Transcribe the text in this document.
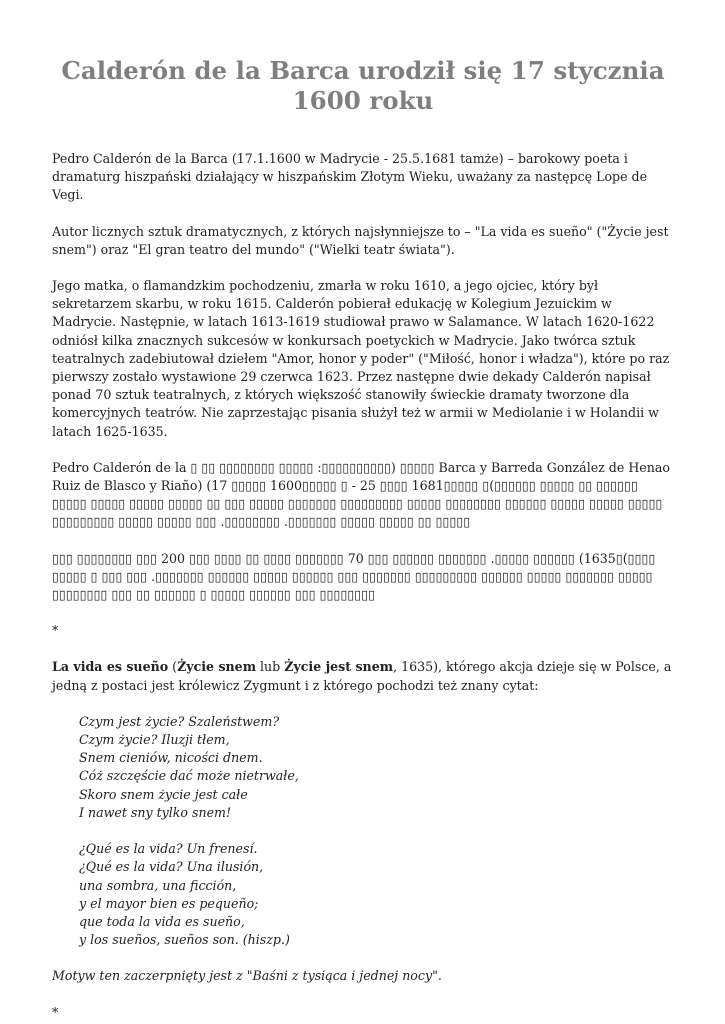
Calderón de la Barca urodził się 17 stycznia 1600 roku

Pedro Calderón de la Barca (17.1.1600 w Madrycie - 25.5.1681 tamże) – barokowy poeta i dramaturg hiszpański działający w hiszpańskim Złotym Wieku, uważany za następcę Lope de Vegi.

Autor licznych sztuk dramatycznych, z których najsłynniejsze to – "La vida es sueño" ("Życie jest snem") oraz "El gran teatro del mundo" ("Wielki teatr świata").

Jego matka, o flamandzkim pochodzeniu, zmarła w roku 1610, a jego ojciec, który był sekretarzem skarbu, w roku 1615. Calderón pobierał edukację w Kolegium Jezuickim w Madrycie. Następnie, w latach 1613-1619 studiował prawo w Salamance. W latach 1620-1622 odniósł kilka znacznych sukcesów w konkursach poetyckich w Madrycie. Jako twórca sztuk teatralnych zadebiutował dziełem "Amor, honor y poder" ("Miłość, honor i władza"), które po raz pierwszy zostało wystawione 29 czerwca 1623. Przez następne dwie dekady Calderón napisał ponad 70 sztuk teatralnych, z których większość stanowiły świeckie dramaty tworzone dla komercyjnych teatrów. Nie zaprzestając pisania służył też w armii w Mediolanie i w Holandii w latach 1625-1635.

Pedro Calderón de la ▯ ▯▯ ▯▯▯▯▯▯▯▯ ▯▯▯▯▯ :▯▯▯▯▯▯▯▯▯▯) ▯▯▯▯▯ Barca y Barreda González de Henao Ruiz de Blasco y Riaño) (17 ▯▯▯▯▯ 1600▯▯▯▯▯ ▯ - 25 ▯▯▯▯ 1681▯▯▯▯▯ ▯(▯▯▯▯▯▯ ▯▯▯▯▯ ▯▯ ▯▯▯▯▯▯ ▯▯▯▯▯ ▯▯▯▯▯ ▯▯▯▯▯ ▯▯▯▯▯ ▯▯ ▯▯▯ ▯▯▯▯▯ ▯▯▯▯▯▯▯ ▯▯▯▯▯▯▯▯▯ ▯▯▯▯▯ ▯▯▯▯▯▯▯▯ ▯▯▯▯▯▯ ▯▯▯▯▯ ▯▯▯▯▯ ▯▯▯▯▯ ▯▯▯▯▯▯▯▯▯ ▯▯▯▯▯ ▯▯▯▯▯ ▯▯▯ .▯▯▯▯▯▯▯▯ .▯▯▯▯▯▯▯ ▯▯▯▯▯ ▯▯▯▯▯ ▯▯ ▯▯▯▯▯

▯▯▯ ▯▯▯▯▯▯▯▯ ▯▯▯ 200 ▯▯▯ ▯▯▯▯ ▯▯ ▯▯▯▯ ▯▯▯▯▯▯▯ 70 ▯▯▯ ▯▯▯▯▯▯ ▯▯▯▯▯▯▯ .▯▯▯▯▯ ▯▯▯▯▯▯ (1635▯(▯▯▯▯ ▯▯▯▯▯ ▯ ▯▯▯ ▯▯▯ .▯▯▯▯▯▯▯ ▯▯▯▯▯▯ ▯▯▯▯▯ ▯▯▯▯▯▯ ▯▯▯ ▯▯▯▯▯▯▯ ▯▯▯▯▯▯▯▯▯ ▯▯▯▯▯▯ ▯▯▯▯▯ ▯▯▯▯▯▯▯ ▯▯▯▯▯ ▯▯▯▯▯▯▯▯ ▯▯▯ ▯▯ ▯▯▯▯▯▯ ▯ ▯▯▯▯▯ ▯▯▯▯▯▯ ▯▯▯ ▯▯▯▯▯▯▯▯

*

La vida es sueño (Życie snem lub Życie jest snem, 1635), którego akcja dzieje się w Polsce, a jedną z postaci jest królewicz Zygmunt i z którego pochodzi też znany cytat:

Czym jest życie? Szaleństwem?
Czym życie? Iluzji tłem,
Snem cieniów, nicości dnem.
Cóż szczęście dać może nietrwałe,
Skoro snem życie jest całe
I nawet sny tylko snem!
¿Qué es la vida? Un frenesí.
¿Qué es la vida? Una ilusión,
una sombra, una ficción,
y el mayor bien es pequeño;
que toda la vida es sueño,
y los sueños, sueños son. (hiszp.)

Motyw ten zaczerpnięty jest z "Baśni z tysiąca i jednej nocy".

*
